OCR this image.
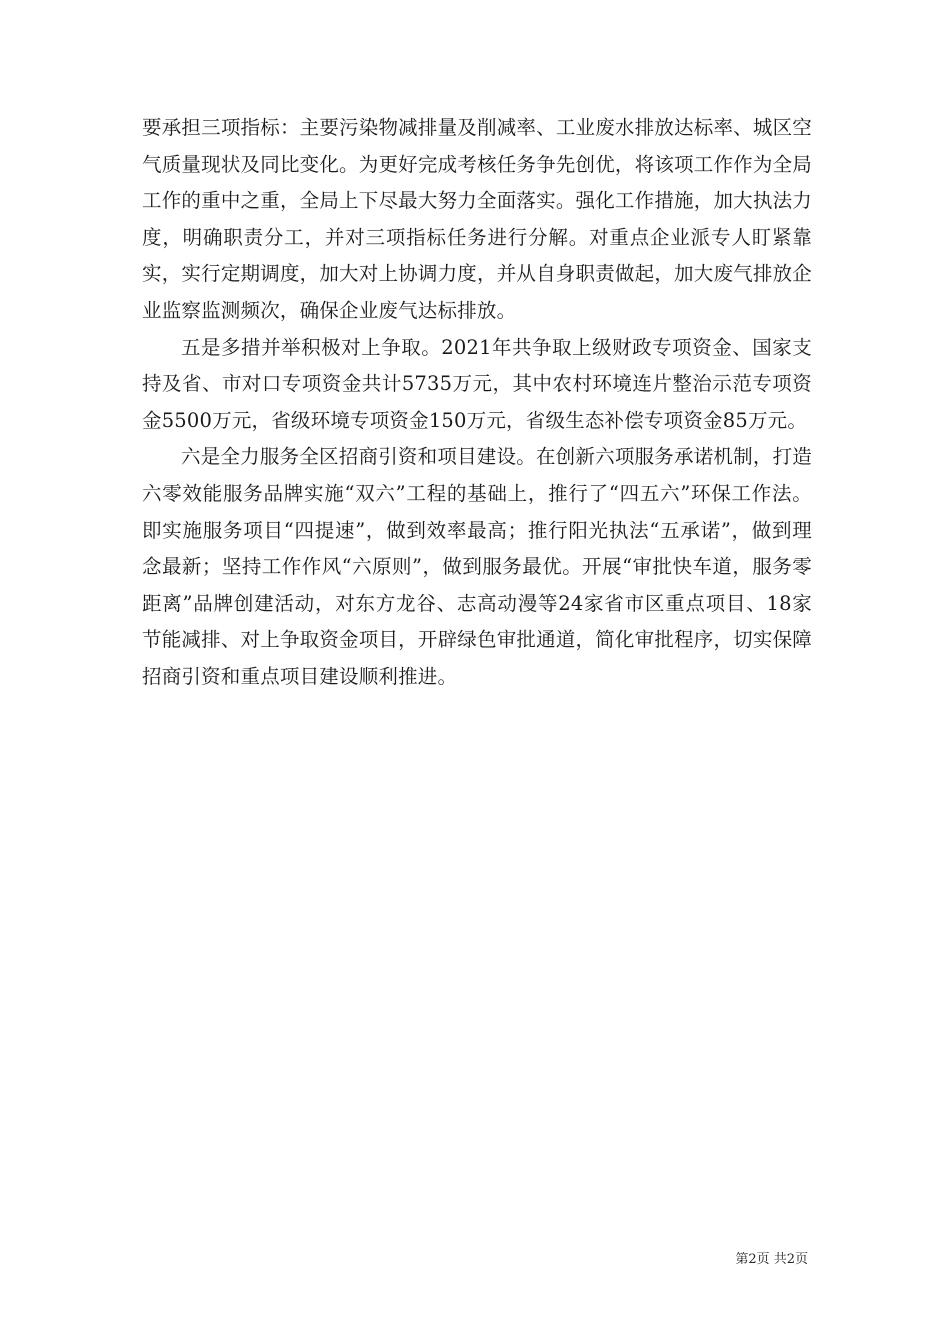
要承担三项指标：主要污染物减排量及削减率、工业废水排放达标率、城区空气质量现状及同比变化。为更好完成考核任务争先创优，将该项工作作为全局工作的重中之重，全局上下尽最大努力全面落实。强化工作措施，加大执法力度，明确职责分工，并对三项指标任务进行分解。对重点企业派专人盯紧靠实，实行定期调度，加大对上协调力度，并从自身职责做起，加大废气排放企业监察监测频次，确保企业废气达标排放。

五是多措并举积极对上争取。2021年共争取上级财政专项资金、国家支持及省、市对口专项资金共计5735万元，其中农村环境连片整治示范专项资金5500万元，省级环境专项资金150万元，省级生态补偿专项资金85万元。

六是全力服务全区招商引资和项目建设。在创新六项服务承诺机制，打造六零效能服务品牌实施“双六”工程的基础上，推行了“四五六”环保工作法。即实施服务项目“四提速”，做到效率最高；推行阳光执法“五承诺”，做到理念最新；坚持工作作风“六原则”，做到服务最优。开展“审批快车道，服务零距离”品牌创建活动，对东方龙谷、志高动漫等24家省市区重点项目、18家节能减排、对上争取资金项目，开辟绿色审批通道，简化审批程序，切实保障招商引资和重点项目建设顺利推进。

第2页 共2页
